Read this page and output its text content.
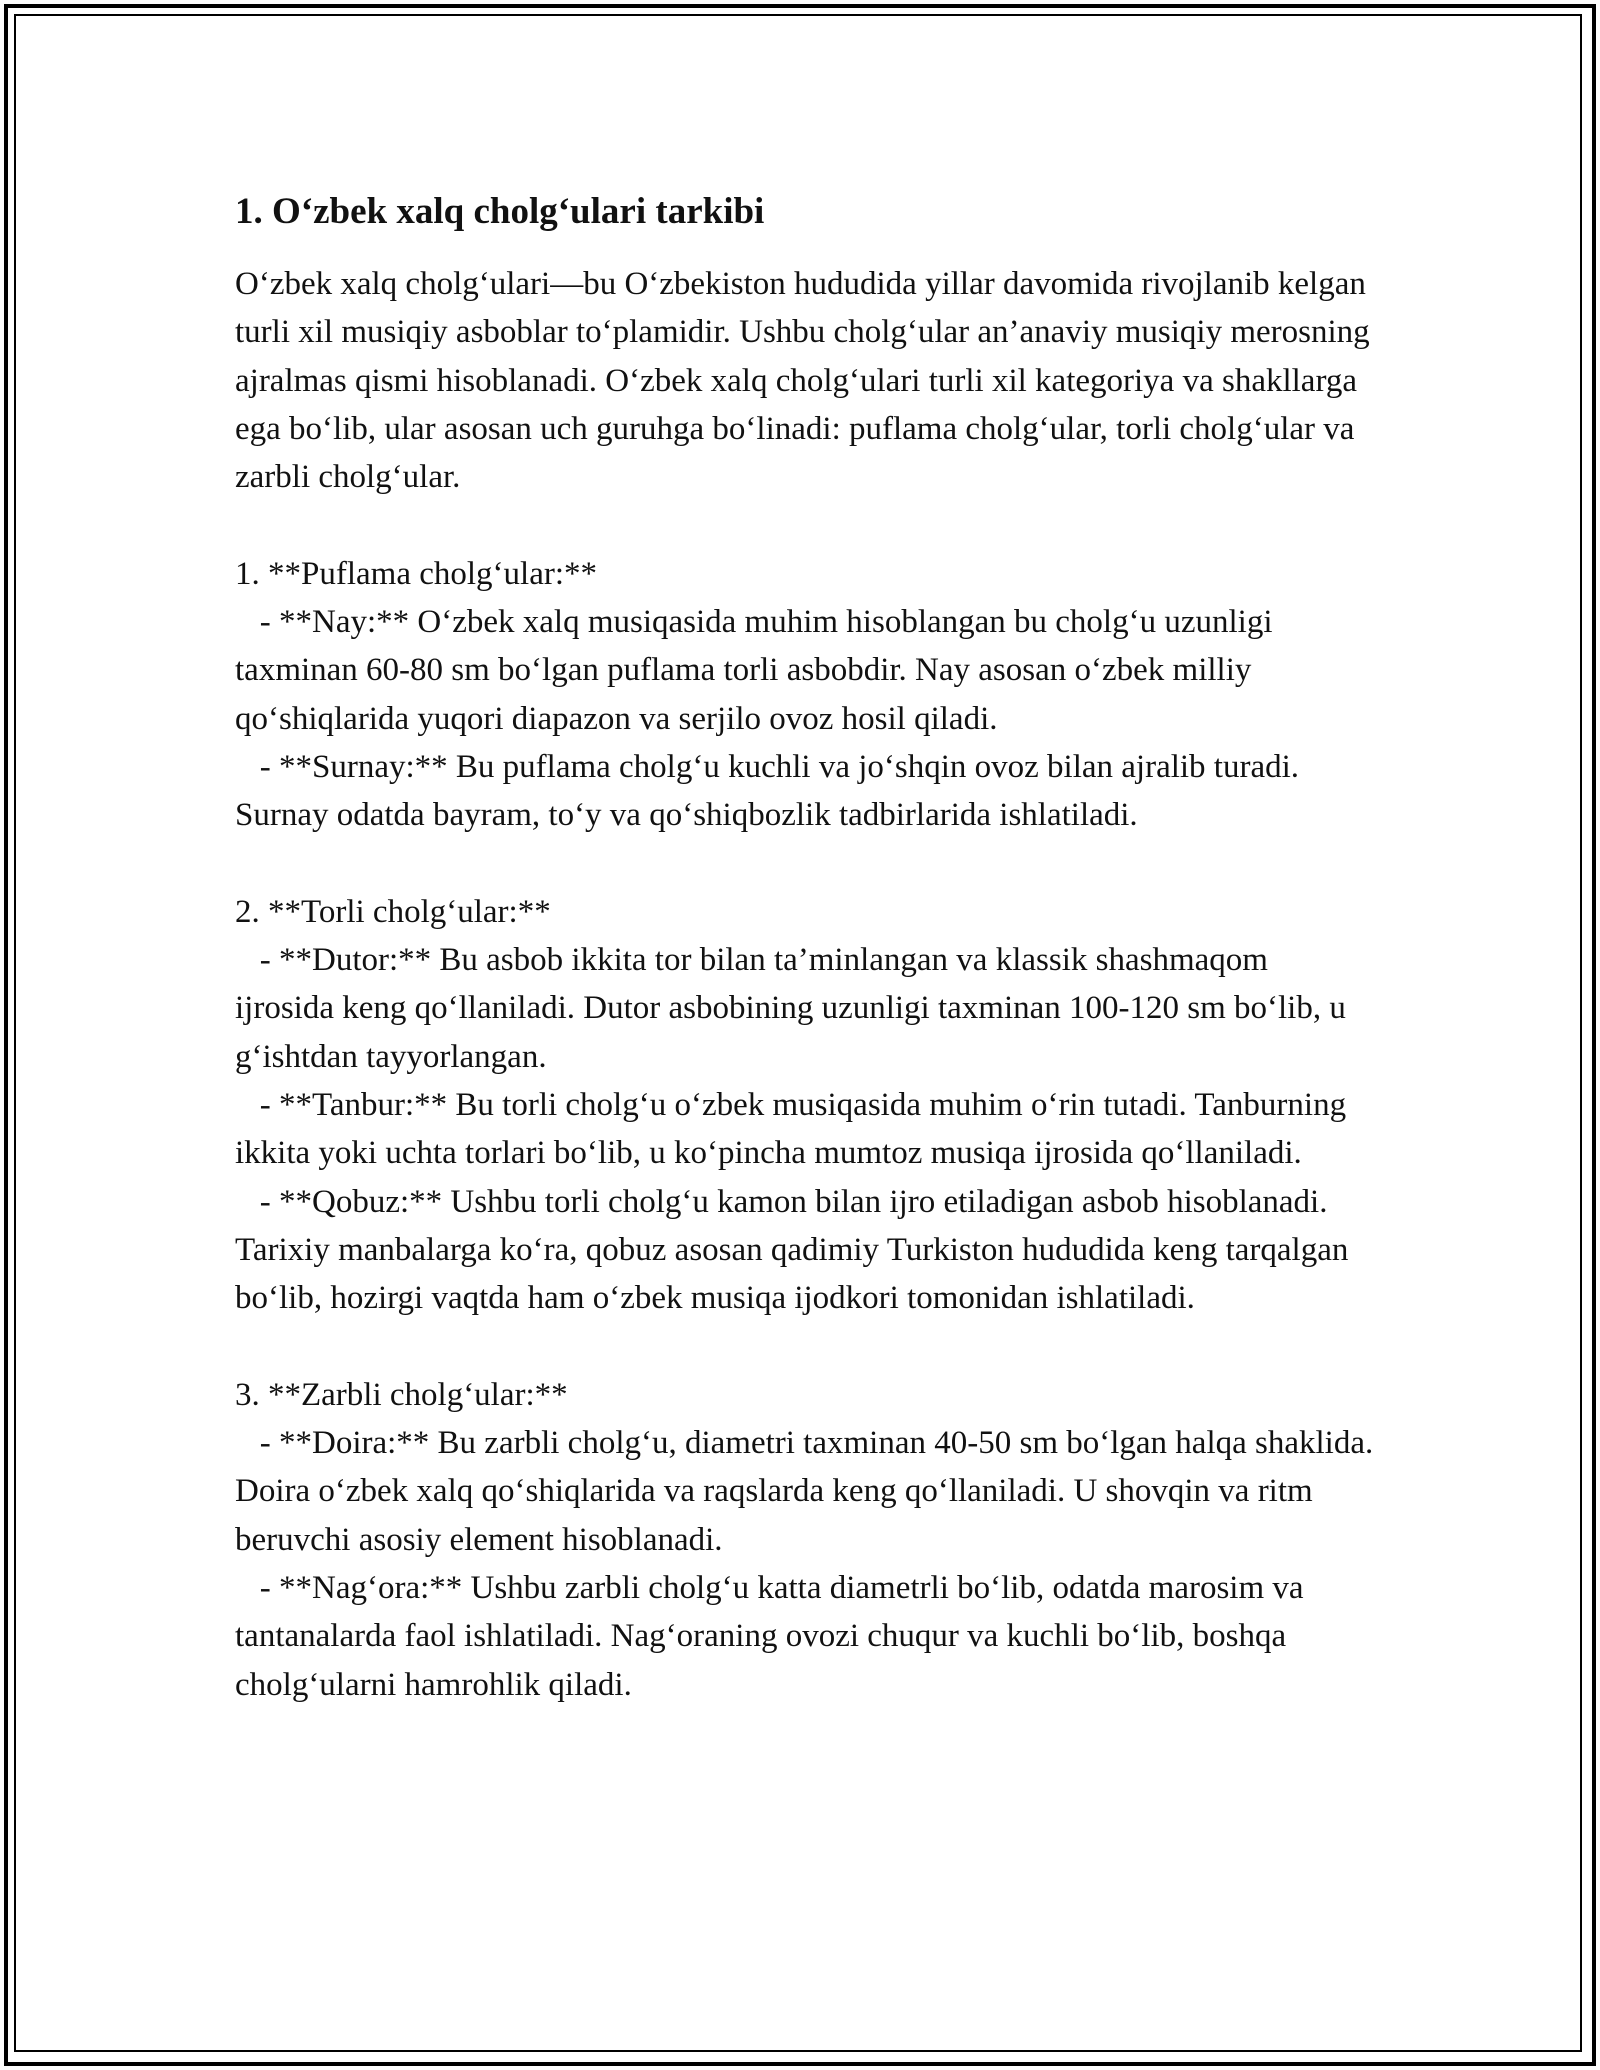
1. O‘zbek xalq cholg‘ulari tarkibi

O‘zbek xalq cholg‘ulari—bu O‘zbekiston hududida yillar davomida rivojlanib kelgan turli xil musiqiy asboblar to‘plamidir. Ushbu cholg‘ular an’anaviy musiqiy merosning ajralmas qismi hisoblanadi. O‘zbek xalq cholg‘ulari turli xil kategoriya va shakllarga ega bo‘lib, ular asosan uch guruhga bo‘linadi: puflama cholg‘ular, torli cholg‘ular va zarbli cholg‘ular.

1. **Puflama cholg‘ular:**

- **Nay:** O‘zbek xalq musiqasida muhim hisoblangan bu cholg‘u uzunligi taxminan 60-80 sm bo‘lgan puflama torli asbobdir. Nay asosan o‘zbek milliy qo‘shiqlarida yuqori diapazon va serjilo ovoz hosil qiladi.

- **Surnay:** Bu puflama cholg‘u kuchli va jo‘shqin ovoz bilan ajralib turadi. Surnay odatda bayram, to‘y va qo‘shiqbozlik tadbirlarida ishlatiladi.

2. **Torli cholg‘ular:**

- **Dutor:** Bu asbob ikkita tor bilan ta’minlangan va klassik shashmaqom ijrosida keng qo‘llaniladi. Dutor asbobining uzunligi taxminan 100-120 sm bo‘lib, u g‘ishtdan tayyorlangan.

- **Tanbur:** Bu torli cholg‘u o‘zbek musiqasida muhim o‘rin tutadi. Tanburning ikkita yoki uchta torlari bo‘lib, u ko‘pincha mumtoz musiqa ijrosida qo‘llaniladi.

- **Qobuz:** Ushbu torli cholg‘u kamon bilan ijro etiladigan asbob hisoblanadi. Tarixiy manbalarga ko‘ra, qobuz asosan qadimiy Turkiston hududida keng tarqalgan bo‘lib, hozirgi vaqtda ham o‘zbek musiqa ijodkori tomonidan ishlatiladi.

3. **Zarbli cholg‘ular:**

- **Doira:** Bu zarbli cholg‘u, diametri taxminan 40-50 sm bo‘lgan halqa shaklida. Doira o‘zbek xalq qo‘shiqlarida va raqslarda keng qo‘llaniladi. U shovqin va ritm beruvchi asosiy element hisoblanadi.

- **Nag‘ora:** Ushbu zarbli cholg‘u katta diametrli bo‘lib, odatda marosim va tantanalarda faol ishlatiladi. Nag‘oraning ovozi chuqur va kuchli bo‘lib, boshqa cholg‘ularni hamrohlik qiladi.
